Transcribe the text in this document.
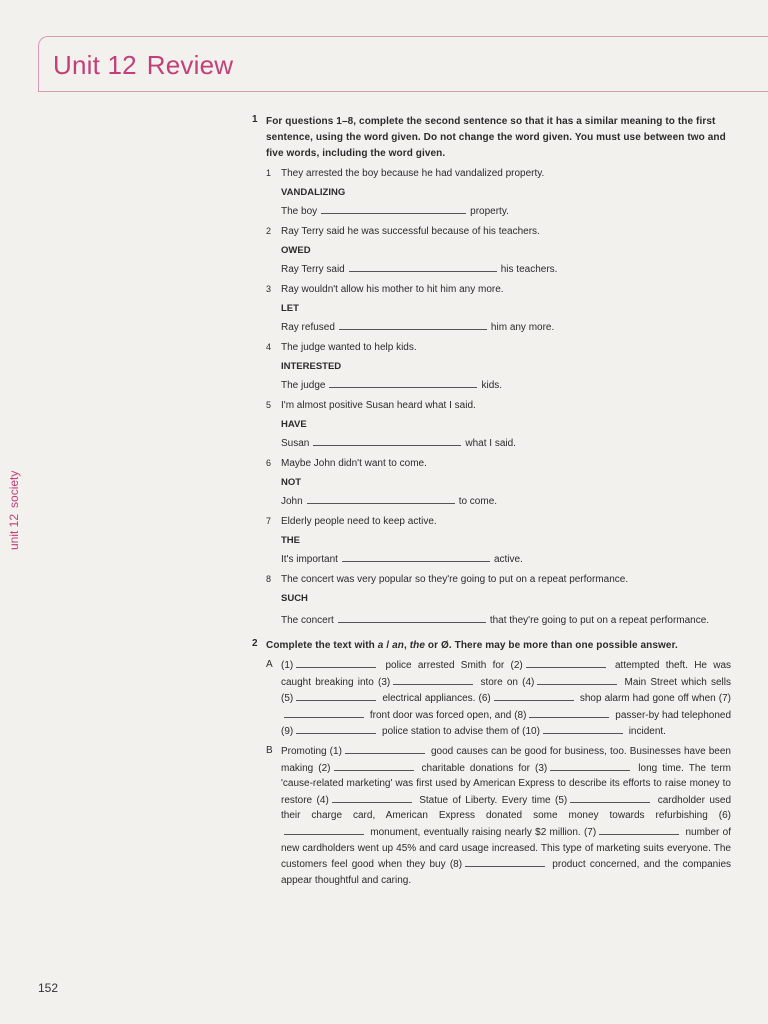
Unit 12 Review
unit 12society
1 For questions 1–8, complete the second sentence so that it has a similar meaning to the first sentence, using the word given. Do not change the word given. You must use between two and five words, including the word given.
1 They arrested the boy because he had vandalized property.
VANDALIZING
The boy	property.
2 Ray Terry said he was successful because of his teachers.
OWED
Ray Terry said	his teachers.
3 Ray wouldn't allow his mother to hit him any more.
LET
Ray refused	him any more.
4 The judge wanted to help kids.
INTERESTED
The judge	kids.
5 I'm almost positive Susan heard what I said.
HAVE
Susan	what I said.
6 Maybe John didn't want to come.
NOT
John	to come.
7 Elderly people need to keep active.
THE
It's important	active.
8 The concert was very popular so they're going to put on a repeat performance.
SUCH
The concert	that they're going to put on a repeat performance.
2 Complete the text with a / an, the or Ø. There may be more than one possible answer.
A (1)	police arrested Smith for (2)	attempted theft. He was caught breaking into (3)	store on (4)	Main Street which sells (5)	electrical appliances. (6)	shop alarm had gone off when (7) front door was forced open, and (8)	passer-by had telephoned (9)	police station to advise them of (10)	incident.
B Promoting (1)	good causes can be good for business, too. Businesses have been making (2)	charitable donations for (3)	long time. The term 'cause-related marketing' was first used by American Express to describe its efforts to raise money to restore (4)	Statue of Liberty. Every time (5)	cardholder used their charge card, American Express donated some money towards refurbishing (6) monument, eventually raising nearly $2 million. (7)	number of new cardholders went up 45% and card usage increased. This type of marketing suits everyone. The customers feel good when they buy (8)	product concerned, and the companies appear thoughtful and caring.
152
